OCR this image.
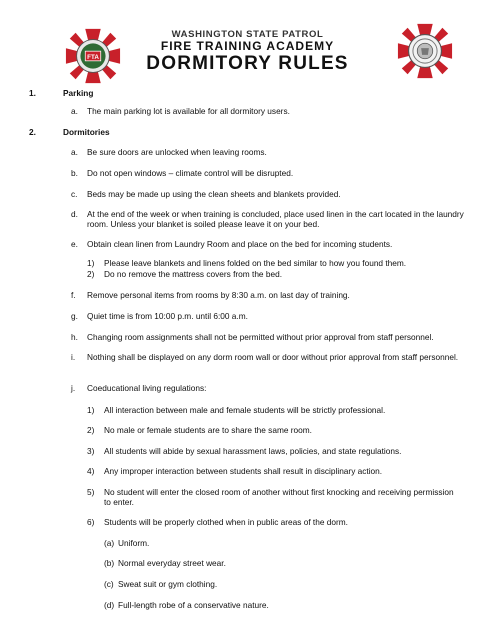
FTA
WASHINGTON STATE PATROL
FIRE TRAINING ACADEMY
DORMITORY RULES
1.	Parking
a.	The main parking lot is available for all dormitory users.
2.	Dormitories
a.	Be sure doors are unlocked when leaving rooms.
b.	Do not open windows – climate control will be disrupted.
c.	Beds may be made up using the clean sheets and blankets provided.
d.	At the end of the week or when training is concluded, place used linen in the cart located in the laundry room. Unless your blanket is soiled please leave it on your bed.
e.	Obtain clean linen from Laundry Room and place on the bed for incoming students.
1)	Please leave blankets and linens folded on the bed similar to how you found them.
2)	Do no remove the mattress covers from the bed.
f.	Remove personal items from rooms by 8:30 a.m. on last day of training.
g.	Quiet time is from 10:00 p.m. until 6:00 a.m.
h.	Changing room assignments shall not be permitted without prior approval from staff personnel.
i.	Nothing shall be displayed on any dorm room wall or door without prior approval from staff personnel.
j.	Coeducational living regulations:
1)	All interaction between male and female students will be strictly professional.
2)	No male or female students are to share the same room.
3)	All students will abide by sexual harassment laws, policies, and state regulations.
4)	Any improper interaction between students shall result in disciplinary action.
5)	No student will enter the closed room of another without first knocking and receiving permission to enter.
6)	Students will be properly clothed when in public areas of the dorm.
(a) Uniform.
(b) Normal everyday street wear.
(c) Sweat suit or gym clothing.
(d) Full-length robe of a conservative nature.
